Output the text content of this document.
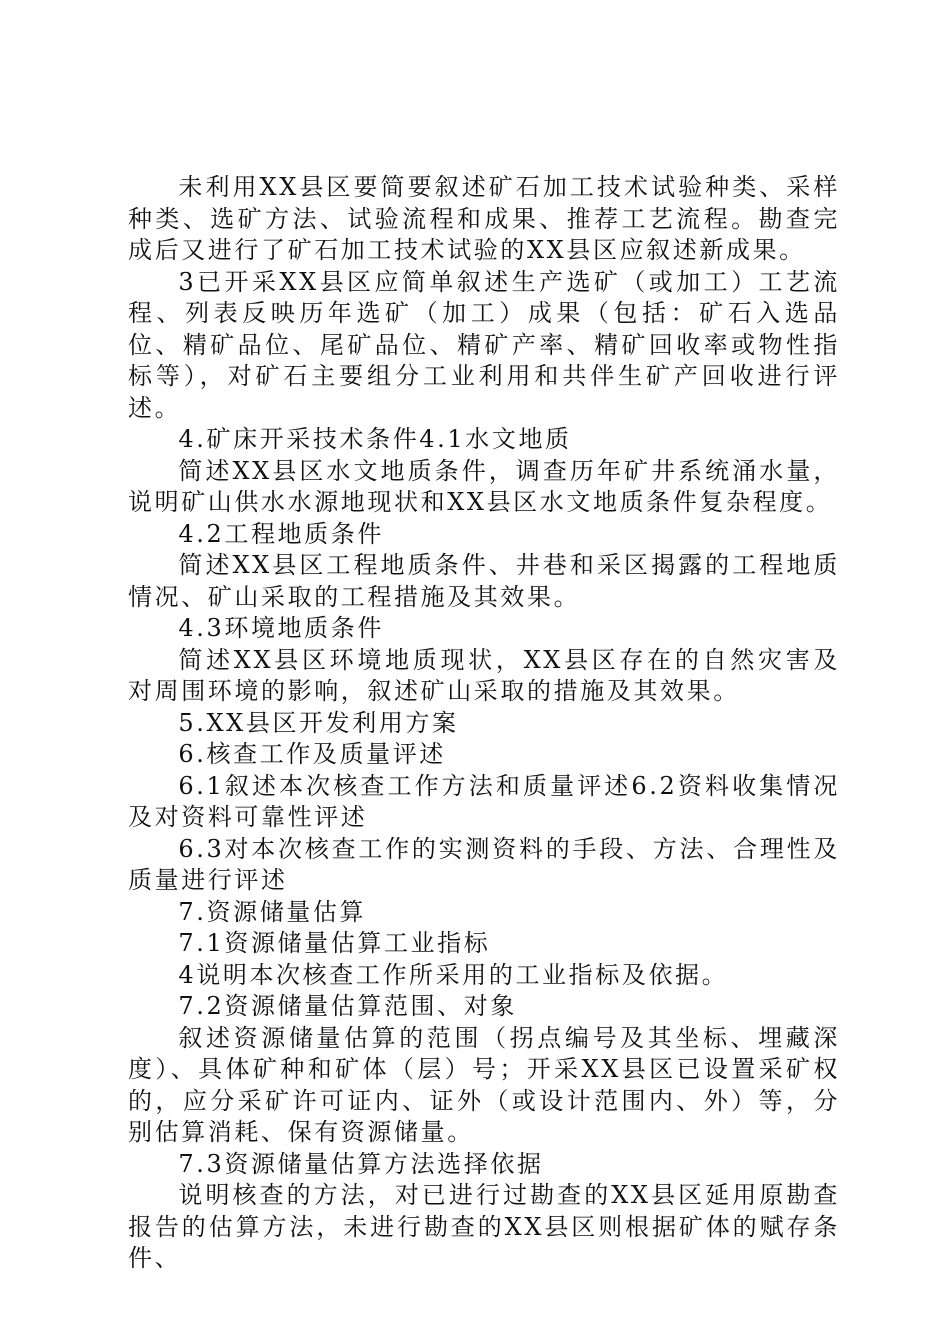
未利用XX县区要简要叙述矿石加工技术试验种类、采样种类、选矿方法、试验流程和成果、推荐工艺流程。勘查完成后又进行了矿石加工技术试验的XX县区应叙述新成果。

3已开采XX县区应简单叙述生产选矿（或加工）工艺流程、列表反映历年选矿（加工）成果（包括：矿石入选品位、精矿品位、尾矿品位、精矿产率、精矿回收率或物性指标等），对矿石主要组分工业利用和共伴生矿产回收进行评述。

4.矿床开采技术条件4.1水文地质

简述XX县区水文地质条件，调查历年矿井系统涌水量，说明矿山供水水源地现状和XX县区水文地质条件复杂程度。

4.2工程地质条件

简述XX县区工程地质条件、井巷和采区揭露的工程地质情况、矿山采取的工程措施及其效果。

4.3环境地质条件

简述XX县区环境地质现状，XX县区存在的自然灾害及对周围环境的影响，叙述矿山采取的措施及其效果。

5.XX县区开发利用方案

6.核查工作及质量评述

6.1叙述本次核查工作方法和质量评述6.2资料收集情况及对资料可靠性评述

6.3对本次核查工作的实测资料的手段、方法、合理性及质量进行评述

7.资源储量估算

7.1资源储量估算工业指标

4说明本次核查工作所采用的工业指标及依据。

7.2资源储量估算范围、对象

叙述资源储量估算的范围（拐点编号及其坐标、埋藏深度）、具体矿种和矿体（层）号；开采XX县区已设置采矿权的，应分采矿许可证内、证外（或设计范围内、外）等，分别估算消耗、保有资源储量。

7.3资源储量估算方法选择依据

说明核查的方法，对已进行过勘查的XX县区延用原勘查报告的估算方法，未进行勘查的XX县区则根据矿体的赋存条件、
